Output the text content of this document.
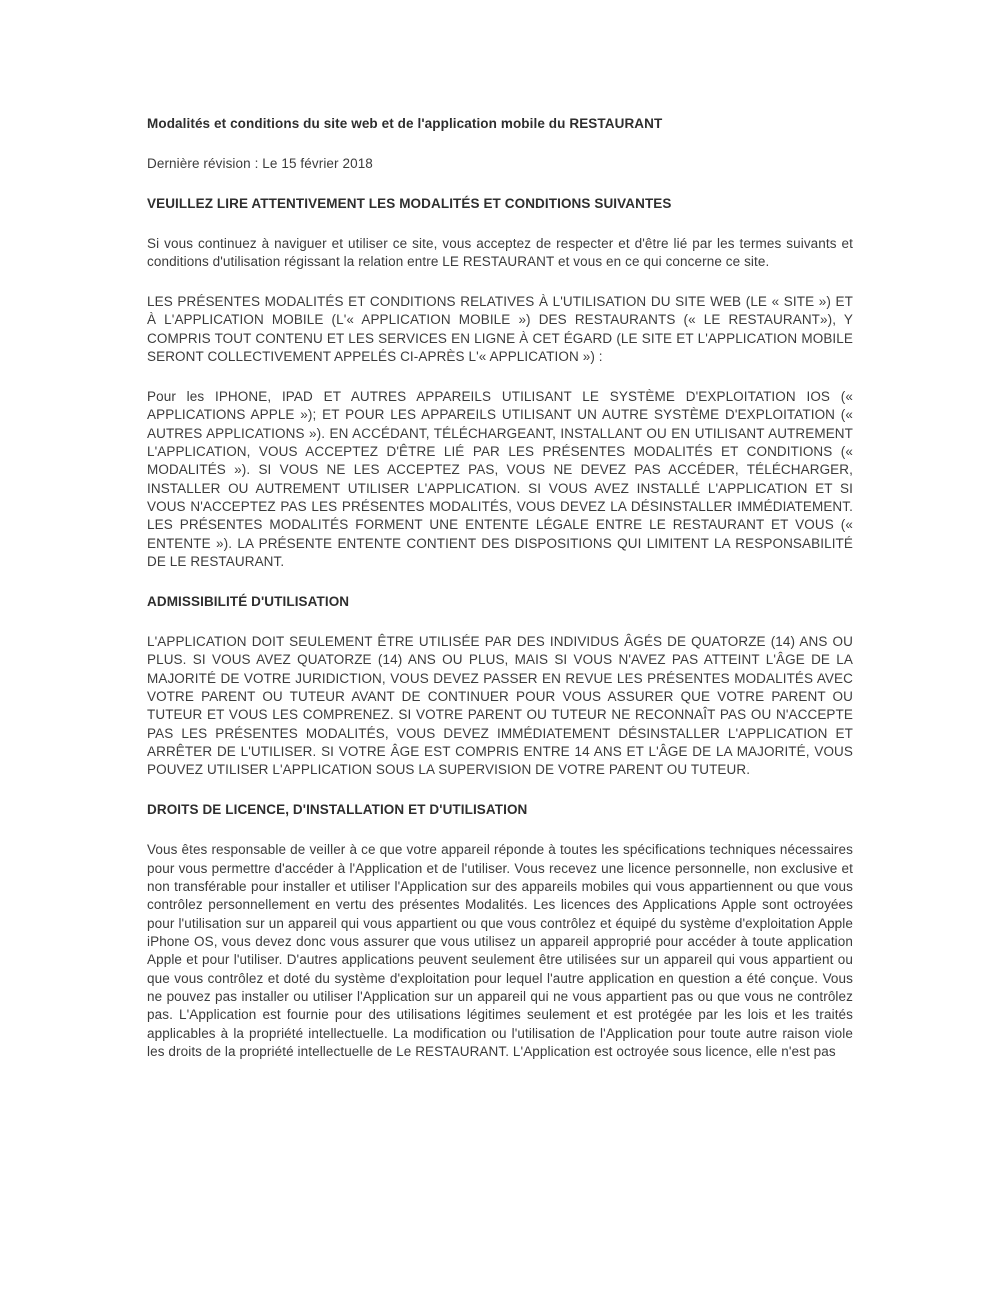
Modalités et conditions du site web et de l'application mobile du RESTAURANT
Dernière révision : Le 15 février 2018
VEUILLEZ LIRE ATTENTIVEMENT LES MODALITÉS ET CONDITIONS SUIVANTES
Si vous continuez à naviguer et utiliser ce site, vous acceptez de respecter et d'être lié par les termes suivants et conditions d'utilisation régissant la relation entre LE RESTAURANT et vous en ce qui concerne ce site.
LES PRÉSENTES MODALITÉS ET CONDITIONS RELATIVES À L'UTILISATION DU SITE WEB (LE « SITE ») ET À L'APPLICATION MOBILE (L'« APPLICATION MOBILE ») DES RESTAURANTS (« LE RESTAURANT»), Y COMPRIS TOUT CONTENU ET LES SERVICES EN LIGNE À CET ÉGARD (LE SITE ET L'APPLICATION MOBILE SERONT COLLECTIVEMENT APPELÉS CI-APRÈS L'« APPLICATION ») :
Pour les IPHONE, IPAD ET AUTRES APPAREILS UTILISANT LE SYSTÈME D'EXPLOITATION IOS (« APPLICATIONS APPLE »); ET POUR LES APPAREILS UTILISANT UN AUTRE SYSTÈME D'EXPLOITATION (« AUTRES APPLICATIONS »). EN ACCÉDANT, TÉLÉCHARGEANT, INSTALLANT OU EN UTILISANT AUTREMENT L'APPLICATION, VOUS ACCEPTEZ D'ÊTRE LIÉ PAR LES PRÉSENTES MODALITÉS ET CONDITIONS (« MODALITÉS »). SI VOUS NE LES ACCEPTEZ PAS, VOUS NE DEVEZ PAS ACCÉDER, TÉLÉCHARGER, INSTALLER OU AUTREMENT UTILISER L'APPLICATION. SI VOUS AVEZ INSTALLÉ L'APPLICATION ET SI VOUS N'ACCEPTEZ PAS LES PRÉSENTES MODALITÉS, VOUS DEVEZ LA DÉSINSTALLER IMMÉDIATEMENT. LES PRÉSENTES MODALITÉS FORMENT UNE ENTENTE LÉGALE ENTRE LE RESTAURANT ET VOUS (« ENTENTE »). LA PRÉSENTE ENTENTE CONTIENT DES DISPOSITIONS QUI LIMITENT LA RESPONSABILITÉ DE LE RESTAURANT.
ADMISSIBILITÉ D'UTILISATION
L'APPLICATION DOIT SEULEMENT ÊTRE UTILISÉE PAR DES INDIVIDUS ÂGÉS DE QUATORZE (14) ANS OU PLUS. SI VOUS AVEZ QUATORZE (14) ANS OU PLUS, MAIS SI VOUS N'AVEZ PAS ATTEINT L'ÂGE DE LA MAJORITÉ DE VOTRE JURIDICTION, VOUS DEVEZ PASSER EN REVUE LES PRÉSENTES MODALITÉS AVEC VOTRE PARENT OU TUTEUR AVANT DE CONTINUER POUR VOUS ASSURER QUE VOTRE PARENT OU TUTEUR ET VOUS LES COMPRENEZ. SI VOTRE PARENT OU TUTEUR NE RECONNAÎT PAS OU N'ACCEPTE PAS LES PRÉSENTES MODALITÉS, VOUS DEVEZ IMMÉDIATEMENT DÉSINSTALLER L'APPLICATION ET ARRÊTER DE L'UTILISER. SI VOTRE ÂGE EST COMPRIS ENTRE 14 ANS ET L'ÂGE DE LA MAJORITÉ, VOUS POUVEZ UTILISER L'APPLICATION SOUS LA SUPERVISION DE VOTRE PARENT OU TUTEUR.
DROITS DE LICENCE, D'INSTALLATION ET D'UTILISATION
Vous êtes responsable de veiller à ce que votre appareil réponde à toutes les spécifications techniques nécessaires pour vous permettre d'accéder à l'Application et de l'utiliser. Vous recevez une licence personnelle, non exclusive et non transférable pour installer et utiliser l'Application sur des appareils mobiles qui vous appartiennent ou que vous contrôlez personnellement en vertu des présentes Modalités. Les licences des Applications Apple sont octroyées pour l'utilisation sur un appareil qui vous appartient ou que vous contrôlez et équipé du système d'exploitation Apple iPhone OS, vous devez donc vous assurer que vous utilisez un appareil approprié pour accéder à toute application Apple et pour l'utiliser. D'autres applications peuvent seulement être utilisées sur un appareil qui vous appartient ou que vous contrôlez et doté du système d'exploitation pour lequel l'autre application en question a été conçue. Vous ne pouvez pas installer ou utiliser l'Application sur un appareil qui ne vous appartient pas ou que vous ne contrôlez pas. L'Application est fournie pour des utilisations légitimes seulement et est protégée par les lois et les traités applicables à la propriété intellectuelle. La modification ou l'utilisation de l'Application pour toute autre raison viole les droits de la propriété intellectuelle de Le RESTAURANT. L'Application est octroyée sous licence, elle n'est pas
